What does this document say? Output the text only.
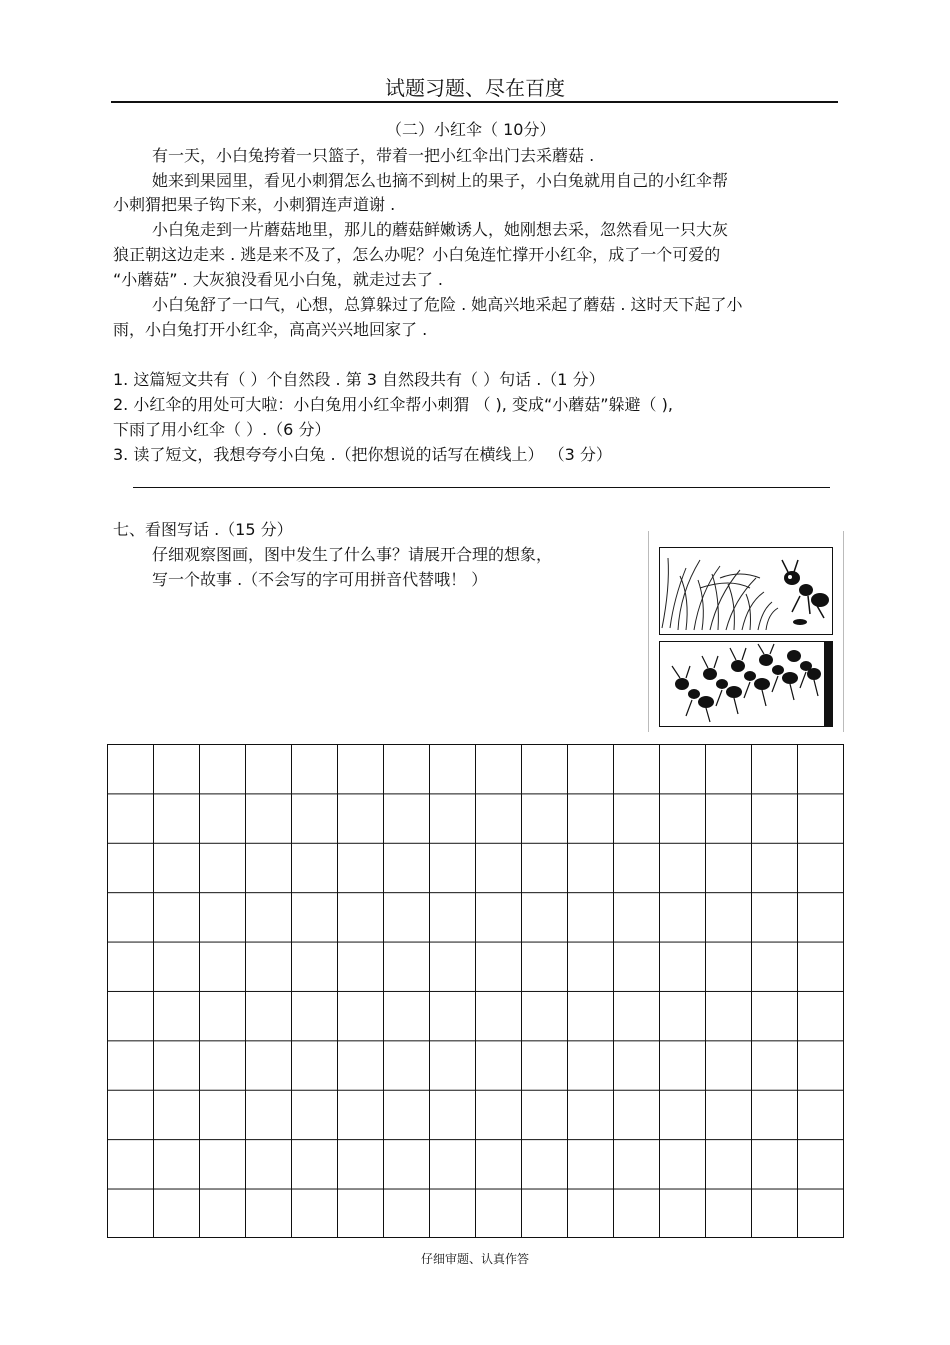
试题习题、尽在百度
（二）小红伞（ 10分）
有一天，小白兔挎着一只篮子，带着一把小红伞出门去采蘑菇 .
她来到果园里，看见小刺猬怎么也摘不到树上的果子，小白兔就用自己的小红伞帮
小刺猬把果子钩下来，小刺猬连声道谢 .
小白兔走到一片蘑菇地里，那儿的蘑菇鲜嫩诱人，她刚想去采，忽然看见一只大灰
狼正朝这边走来 . 逃是来不及了，怎么办呢？小白兔连忙撑开小红伞，成了一个可爱的
“小蘑菇” . 大灰狼没看见小白兔，就走过去了 .
小白兔舒了一口气，心想，总算躲过了危险 . 她高兴地采起了蘑菇 . 这时天下起了小
雨，小白兔打开小红伞，高高兴兴地回家了 .
1. 这篇短文共有（ ）个自然段 . 第 3 自然段共有（ ）句话 .（1 分）
2. 小红伞的用处可大啦：小白兔用小红伞帮小刺猬 （ ), 变成“小蘑菇”躲避（ ),
下雨了用小红伞（ ）.（6 分）
3. 读了短文，我想夸夸小白兔 .（把你想说的话写在横线上） （3 分）
七、看图写话 .（15 分）
仔细观察图画，图中发生了什么事？请展开合理的想象，
写一个故事 .（不会写的字可用拼音代替哦！ ）
仔细审题、认真作答
